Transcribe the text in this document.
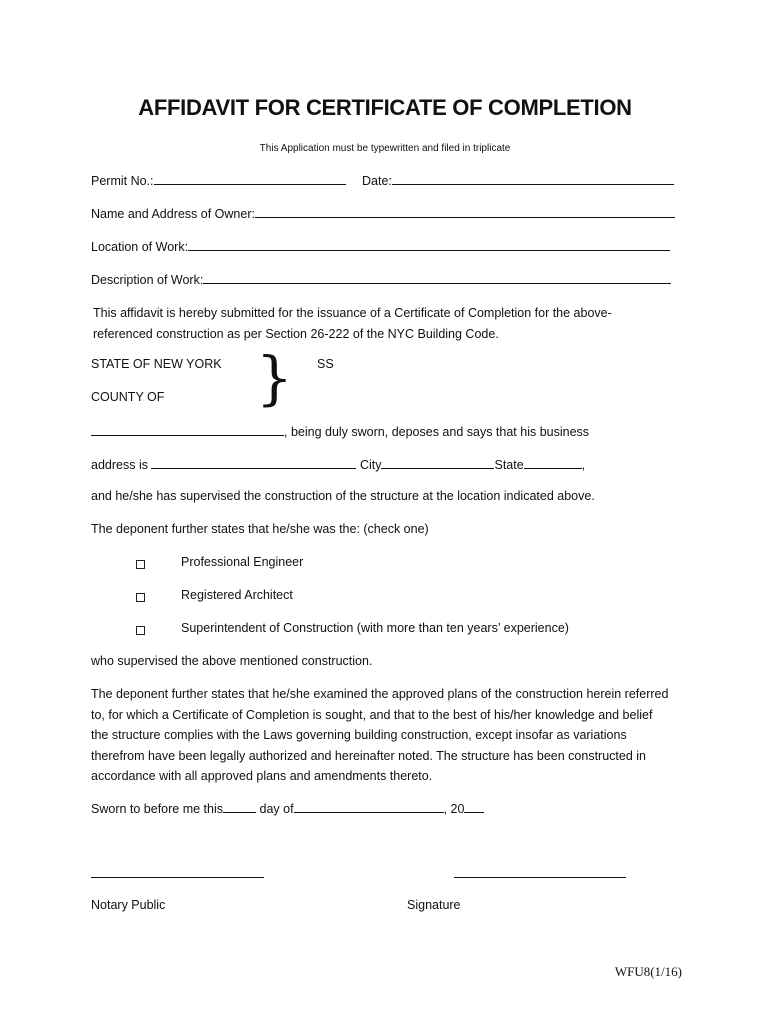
AFFIDAVIT FOR CERTIFICATE OF COMPLETION
This Application must be typewritten and filed in triplicate
Permit No.:	Date:
Name and Address of Owner:
Location of Work:
Description of Work:
This affidavit is hereby submitted for the issuance of a Certificate of Completion for the above-referenced construction as per Section 26-222 of the NYC Building Code.
STATE OF NEW YORK
COUNTY OF } SS
, being duly sworn, deposes and says that his business
address is	City	State	,
and he/she has supervised the construction of the structure at the location indicated above.
The deponent further states that he/she was the: (check one)
Professional Engineer
Registered Architect
Superintendent of Construction (with more than ten years’ experience)
who supervised the above mentioned construction.
The deponent further states that he/she examined the approved plans of the construction herein referred to, for which a Certificate of Completion is sought, and that to the best of his/her knowledge and belief the structure complies with the Laws governing building construction, except insofar as variations therefrom have been legally authorized and hereinafter noted. The structure has been constructed in accordance with all approved plans and amendments thereto.
Sworn to before me this	day of	, 20
Notary Public	Signature
WFU8(1/16)
